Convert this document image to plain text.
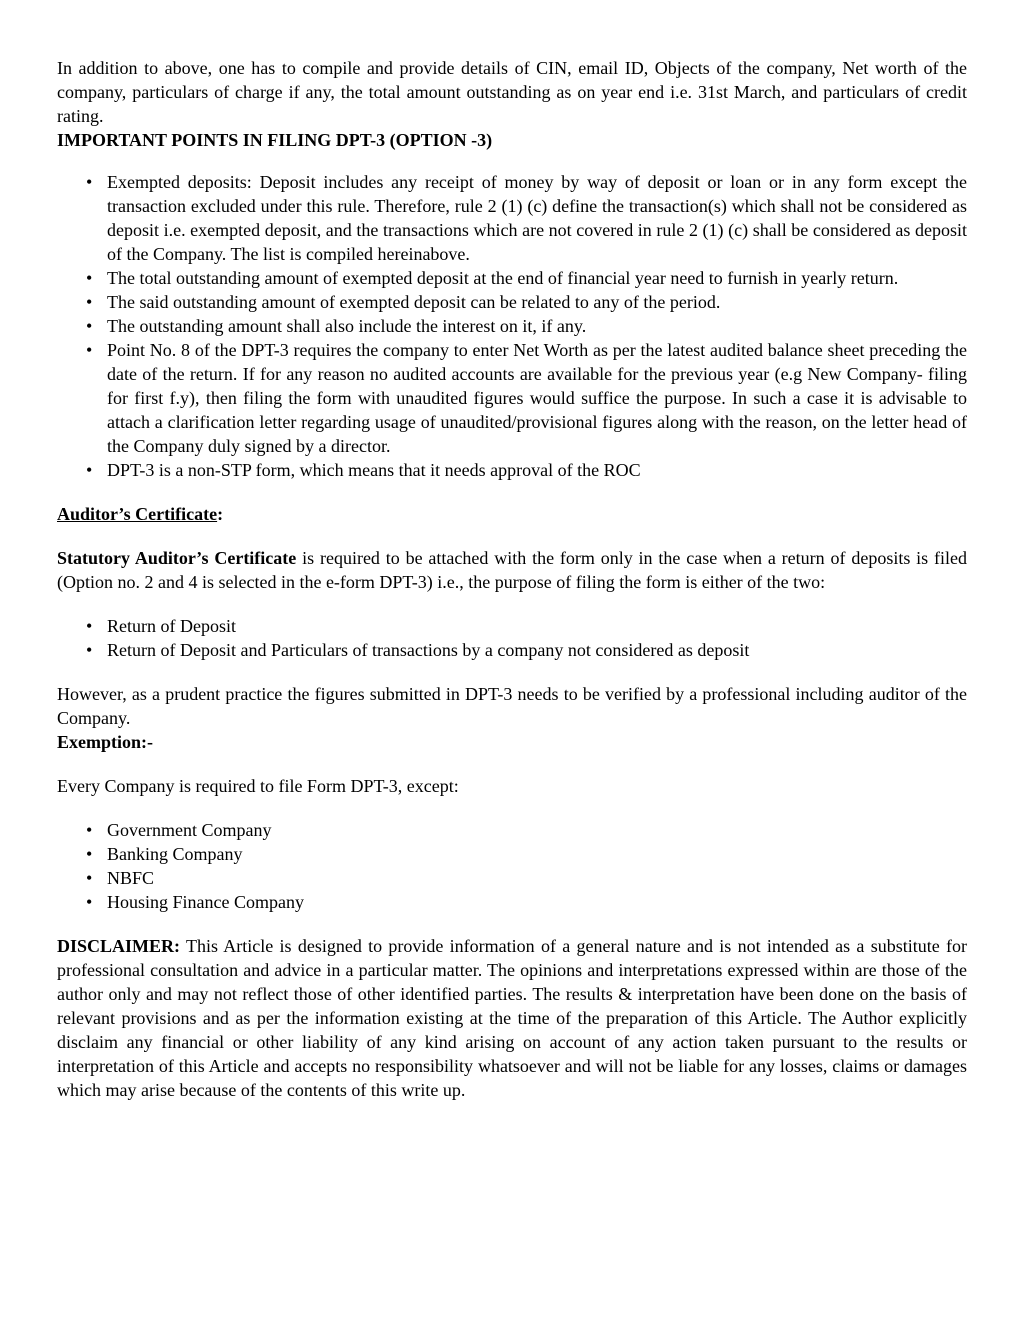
In addition to above, one has to compile and provide details of CIN, email ID, Objects of the company, Net worth of the company, particulars of charge if any, the total amount outstanding as on year end i.e. 31st March, and particulars of credit rating.

IMPORTANT POINTS IN FILING DPT-3 (OPTION -3)

• Exempted deposits: Deposit includes any receipt of money by way of deposit or loan or in any form except the transaction excluded under this rule. Therefore, rule 2 (1) (c) define the transaction(s) which shall not be considered as deposit i.e. exempted deposit, and the transactions which are not covered in rule 2 (1) (c) shall be considered as deposit of the Company. The list is compiled hereinabove.
• The total outstanding amount of exempted deposit at the end of financial year need to furnish in yearly return.
• The said outstanding amount of exempted deposit can be related to any of the period.
• The outstanding amount shall also include the interest on it, if any.
• Point No. 8 of the DPT-3 requires the company to enter Net Worth as per the latest audited balance sheet preceding the date of the return. If for any reason no audited accounts are available for the previous year (e.g New Company- filing for first f.y), then filing the form with unaudited figures would suffice the purpose. In such a case it is advisable to attach a clarification letter regarding usage of unaudited/provisional figures along with the reason, on the letter head of the Company duly signed by a director.
• DPT-3 is a non-STP form, which means that it needs approval of the ROC

Auditor’s Certificate:

Statutory Auditor’s Certificate is required to be attached with the form only in the case when a return of deposits is filed (Option no. 2 and 4 is selected in the e-form DPT-3) i.e., the purpose of filing the form is either of the two:

• Return of Deposit
• Return of Deposit and Particulars of transactions by a company not considered as deposit

However, as a prudent practice the figures submitted in DPT-3 needs to be verified by a professional including auditor of the Company.

Exemption:-

Every Company is required to file Form DPT-3, except:

• Government Company
• Banking Company
• NBFC
• Housing Finance Company

DISCLAIMER: This Article is designed to provide information of a general nature and is not intended as a substitute for professional consultation and advice in a particular matter. The opinions and interpretations expressed within are those of the author only and may not reflect those of other identified parties. The results & interpretation have been done on the basis of relevant provisions and as per the information existing at the time of the preparation of this Article. The Author explicitly disclaim any financial or other liability of any kind arising on account of any action taken pursuant to the results or interpretation of this Article and accepts no responsibility whatsoever and will not be liable for any losses, claims or damages which may arise because of the contents of this write up.
